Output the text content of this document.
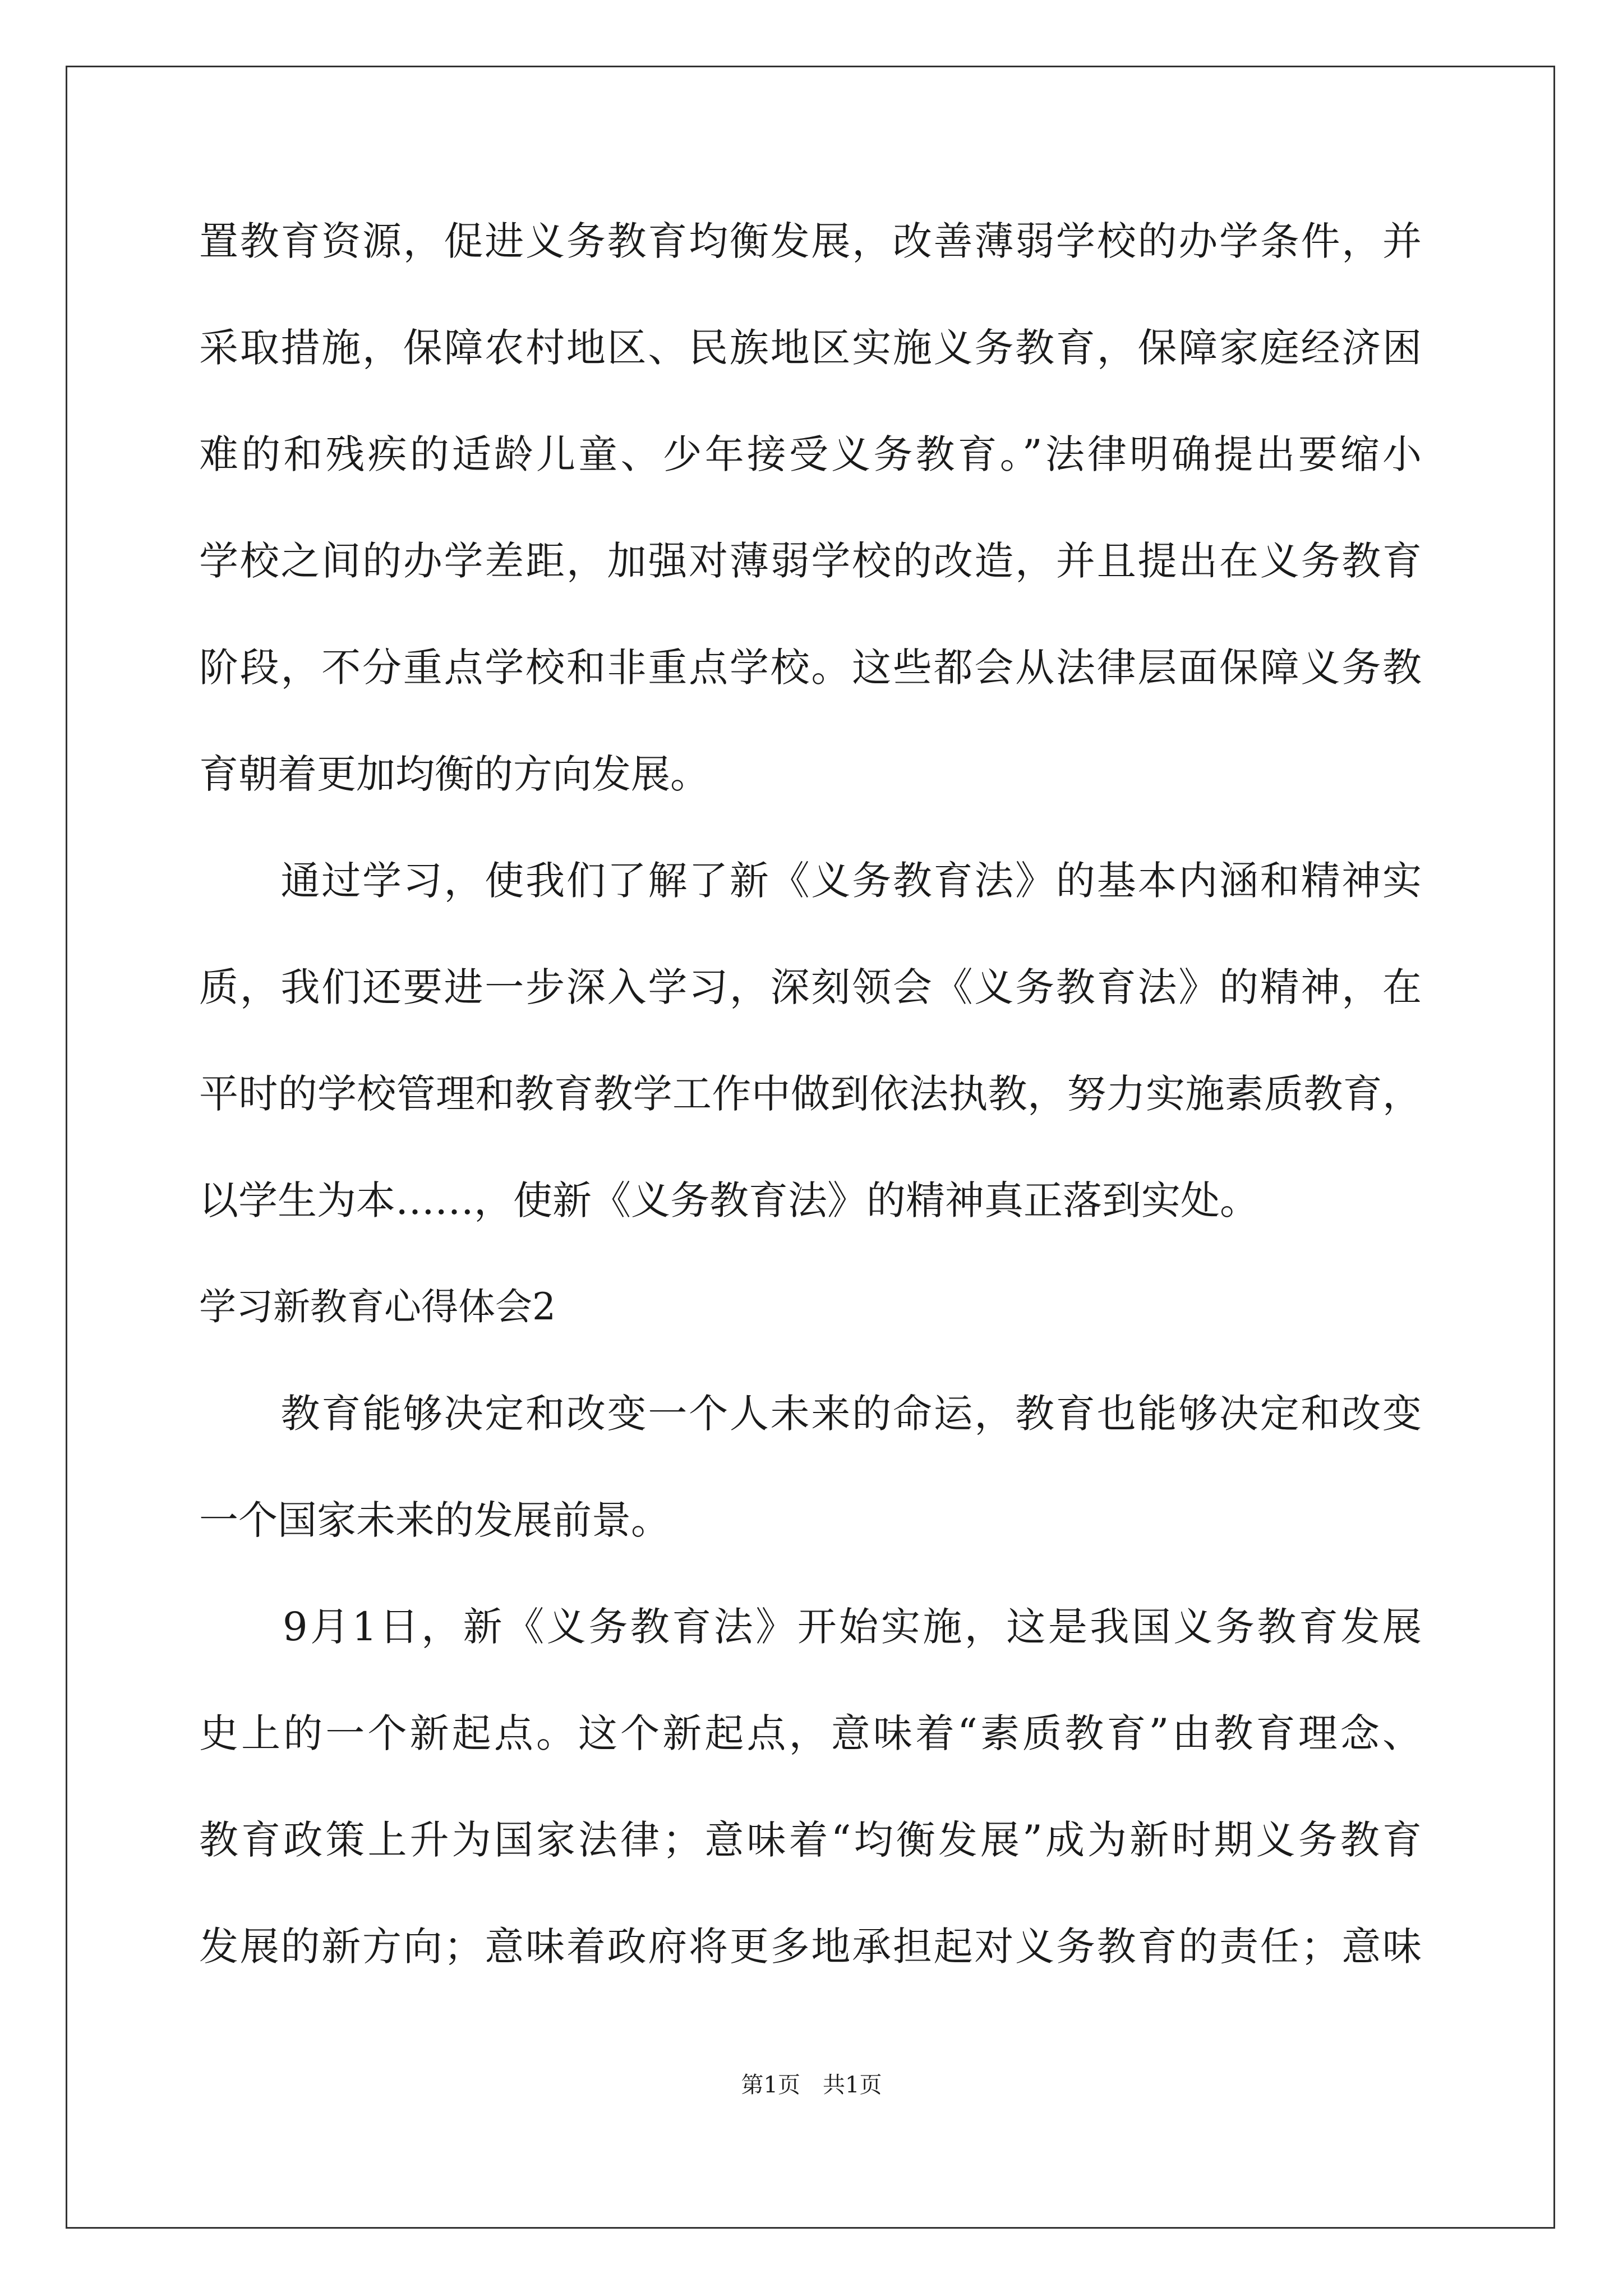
置教育资源，促进义务教育均衡发展，改善薄弱学校的办学条件，并
采取措施，保障农村地区、民族地区实施义务教育，保障家庭经济困
难的和残疾的适龄儿童、少年接受义务教育。”法律明确提出要缩小
学校之间的办学差距，加强对薄弱学校的改造，并且提出在义务教育
阶段，不分重点学校和非重点学校。这些都会从法律层面保障义务教
育朝着更加均衡的方向发展。
　　通过学习，使我们了解了新《义务教育法》的基本内涵和精神实
质，我们还要进一步深入学习，深刻领会《义务教育法》的精神，在
平时的学校管理和教育教学工作中做到依法执教，努力实施素质教育，
以学生为本……，使新《义务教育法》的精神真正落到实处。
学习新教育心得体会2
　　教育能够决定和改变一个人未来的命运，教育也能够决定和改变
一个国家未来的发展前景。
　　9月1日，新《义务教育法》开始实施，这是我国义务教育发展
史上的一个新起点。这个新起点，意味着“素质教育”由教育理念、
教育政策上升为国家法律；意味着“均衡发展”成为新时期义务教育
发展的新方向；意味着政府将更多地承担起对义务教育的责任；意味
第1页　共1页
